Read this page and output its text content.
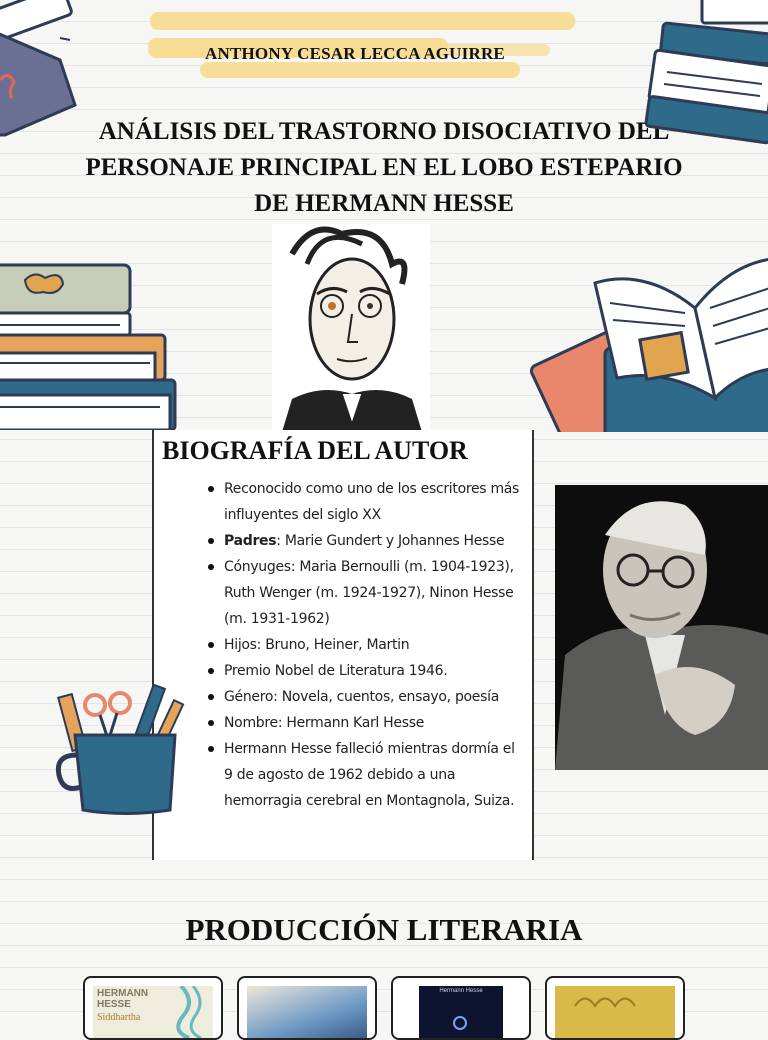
ANTHONY CESAR LECCA AGUIRRE
ANÁLISIS DEL TRASTORNO DISOCIATIVO DEL PERSONAJE PRINCIPAL EN EL LOBO ESTEPARIO DE HERMANN HESSE
BIOGRAFÍA DEL AUTOR
Reconocido como uno de los escritores más influyentes del siglo XX
Padres: Marie Gundert y Johannes Hesse
Cónyuges: Maria Bernoulli (m. 1904-1923), Ruth Wenger (m. 1924-1927), Ninon Hesse (m. 1931-1962)
Hijos: Bruno, Heiner, Martin
Premio Nobel de Literatura 1946.
Género: Novela, cuentos, ensayo, poesía
Nombre: Hermann Karl Hesse
Hermann Hesse falleció mientras dormía el 9 de agosto de 1962 debido a una hemorragia cerebral en Montagnola, Suiza.
PRODUCCIÓN LITERARIA
HERMANN
HESSE
Siddhartha
Hermann Hesse
